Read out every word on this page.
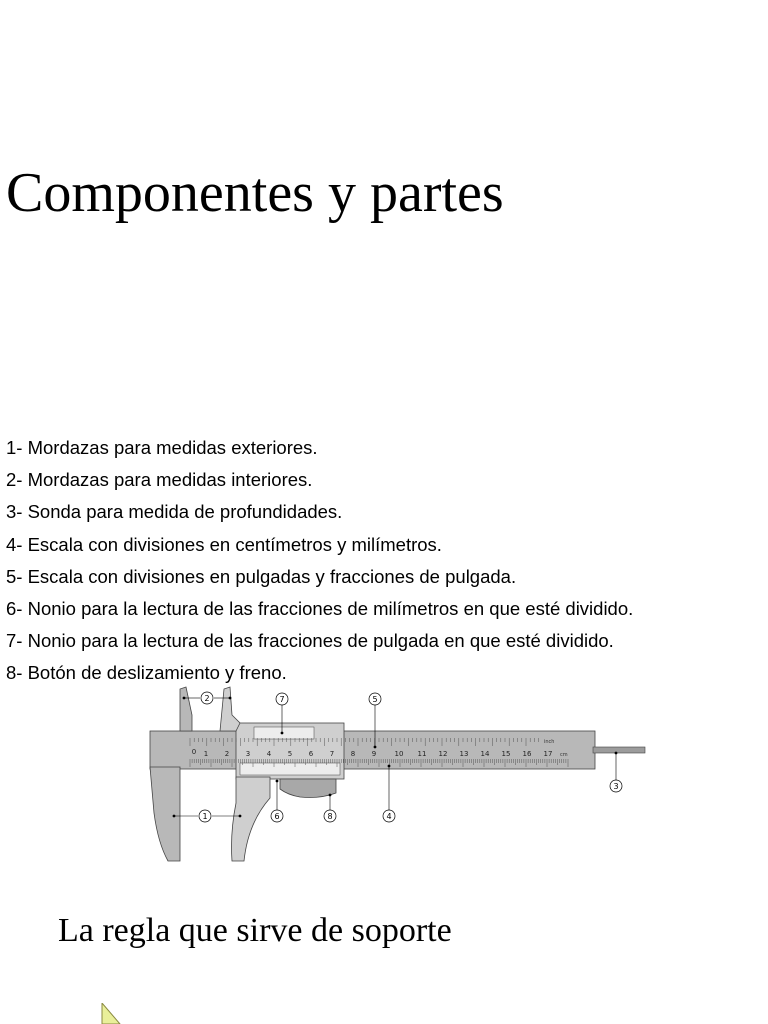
Componentes y partes
1- Mordazas para medidas exteriores.
2- Mordazas para medidas interiores.
3- Sonda para medida de profundidades.
4- Escala con divisiones en centímetros y milímetros.
5- Escala con divisiones en pulgadas y fracciones de pulgada.
6- Nonio para la lectura de las fracciones de milímetros en que esté dividido.
7- Nonio para la lectura de las fracciones de pulgada en que esté dividido.
8- Botón de deslizamiento y freno.
0 1 2 3 4 5 6 7 8 9	10 11 12 13 14 15 16 17
inch
cm
1
2
3
4
5
6
7
8
La regla que sirve de soporte
